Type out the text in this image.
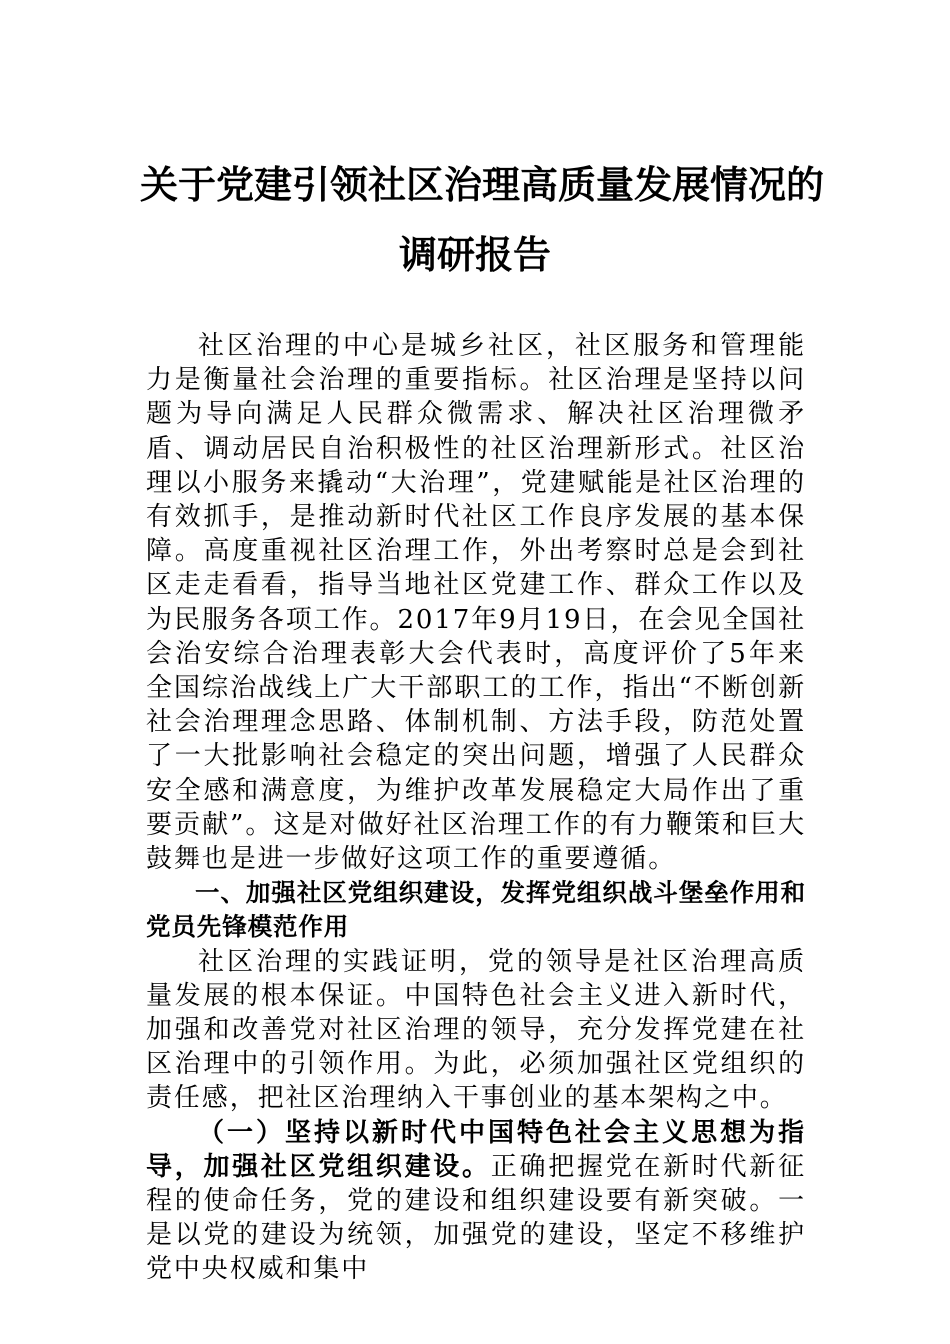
关于党建引领社区治理高质量发展情况的
调研报告

社区治理的中心是城乡社区，社区服务和管理能力是衡量社会治理的重要指标。社区治理是坚持以问题为导向满足人民群众微需求、解决社区治理微矛盾、调动居民自治积极性的社区治理新形式。社区治理以小服务来撬动“大治理”，党建赋能是社区治理的有效抓手，是推动新时代社区工作良序发展的基本保障。高度重视社区治理工作，外出考察时总是会到社区走走看看，指导当地社区党建工作、群众工作以及为民服务各项工作。2017年9月19日，在会见全国社会治安综合治理表彰大会代表时，高度评价了5年来全国综治战线上广大干部职工的工作，指出“不断创新社会治理理念思路、体制机制、方法手段，防范处置了一大批影响社会稳定的突出问题，增强了人民群众安全感和满意度，为维护改革发展稳定大局作出了重要贡献”。这是对做好社区治理工作的有力鞭策和巨大鼓舞也是进一步做好这项工作的重要遵循。

一、加强社区党组织建设，发挥党组织战斗堡垒作用和党员先锋模范作用

社区治理的实践证明，党的领导是社区治理高质量发展的根本保证。中国特色社会主义进入新时代，加强和改善党对社区治理的领导，充分发挥党建在社区治理中的引领作用。为此，必须加强社区党组织的责任感，把社区治理纳入干事创业的基本架构之中。

（一）坚持以新时代中国特色社会主义思想为指导，加强社区党组织建设。正确把握党在新时代新征程的使命任务，党的建设和组织建设要有新突破。一是以党的建设为统领，加强党的建设，坚定不移维护党中央权威和集中
